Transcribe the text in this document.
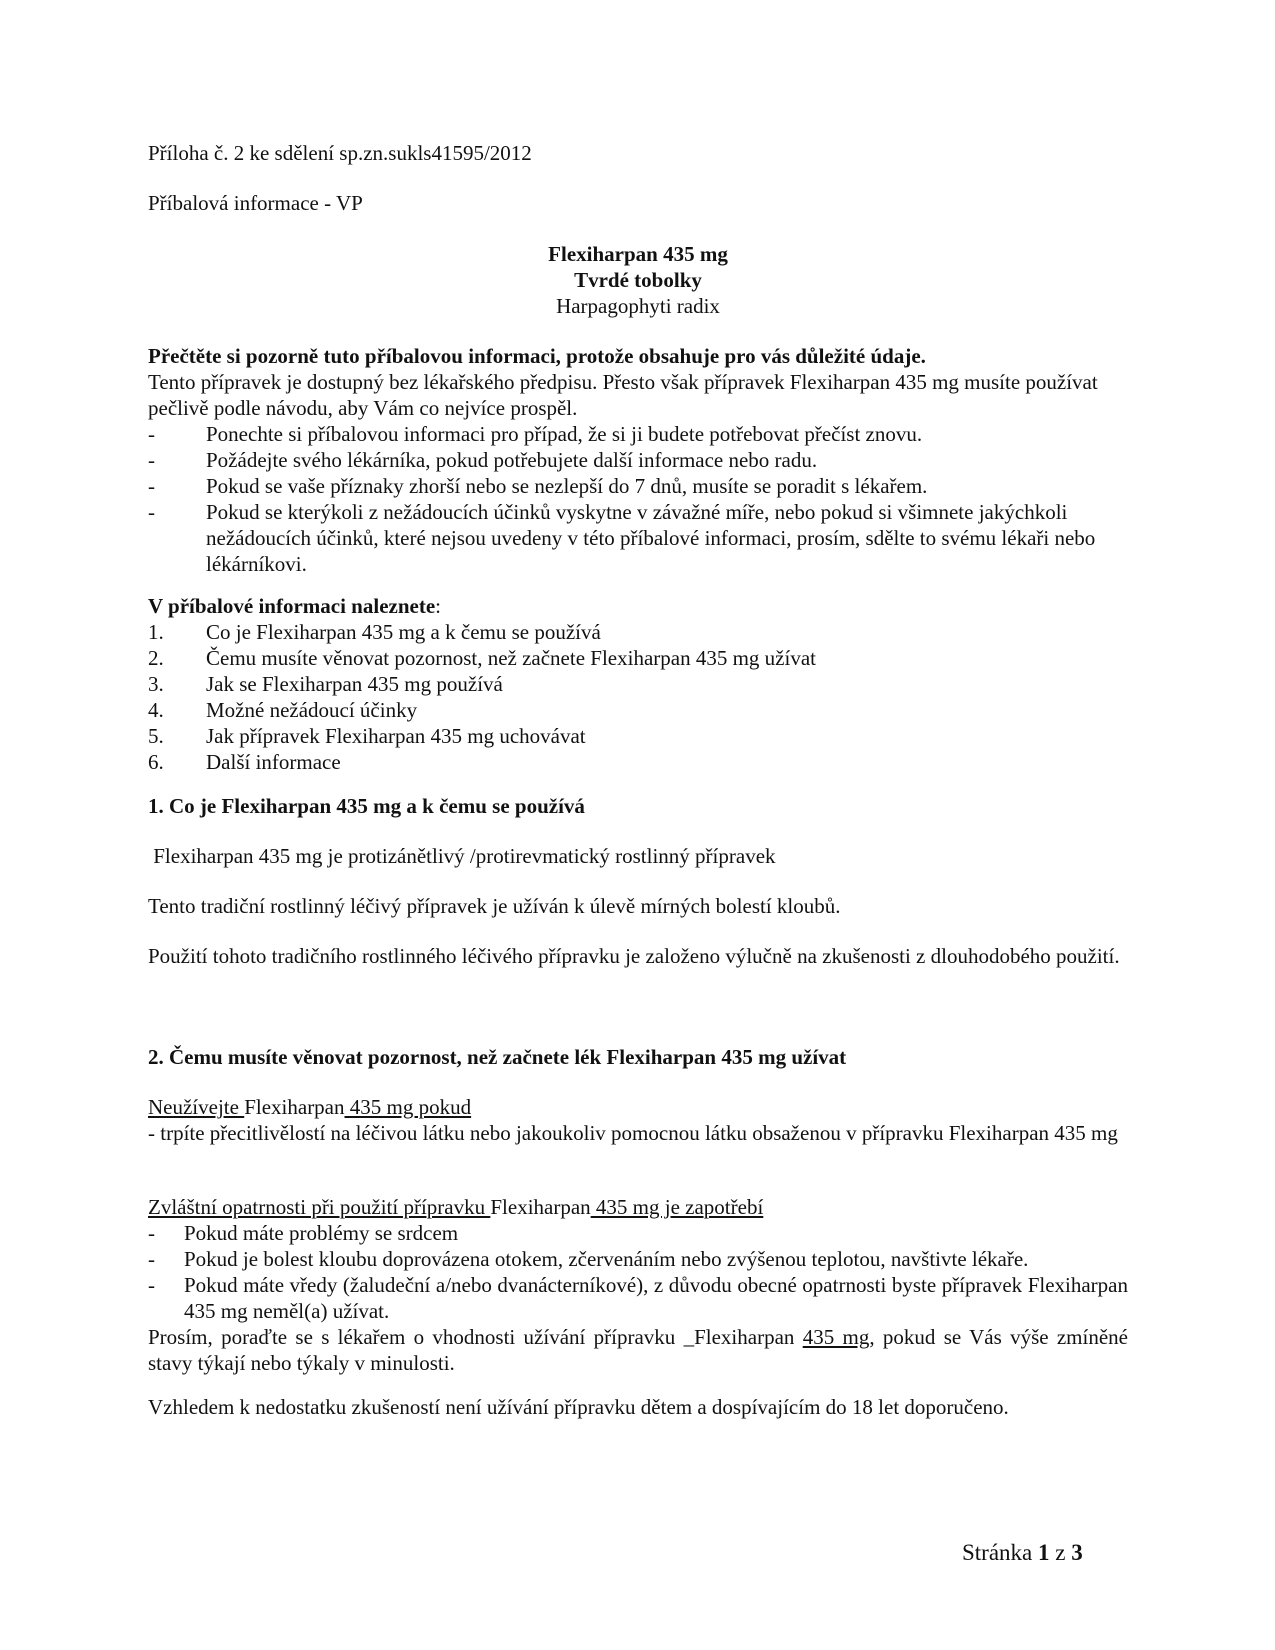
Příloha č. 2 ke sdělení sp.zn.sukls41595/2012
Příbalová informace - VP
Flexiharpan 435 mg
Tvrdé tobolky
Harpagophyti radix
Přečtěte si pozorně tuto příbalovou informaci, protože obsahuje pro vás důležité údaje.
Tento přípravek je dostupný bez lékařského předpisu. Přesto však přípravek Flexiharpan 435 mg musíte používat pečlivě podle návodu, aby Vám co nejvíce prospěl.
- Ponechte si příbalovou informaci pro případ, že si ji budete potřebovat přečíst znovu.
- Požádejte svého lékárníka, pokud potřebujete další informace nebo radu.
- Pokud se vaše příznaky zhorší nebo se nezlepší do 7 dnů, musíte se poradit s lékařem.
- Pokud se kterýkoli z nežádoucích účinků vyskytne v závažné míře, nebo pokud si všimnete jakýchkoli nežádoucích účinků, které nejsou uvedeny v této příbalové informaci, prosím, sdělte to svému lékaři nebo lékárníkovi.
V příbalové informaci naleznete:
1. Co je Flexiharpan 435 mg a k čemu se používá
2. Čemu musíte věnovat pozornost, než začnete Flexiharpan 435 mg užívat
3. Jak se Flexiharpan 435 mg používá
4. Možné nežádoucí účinky
5. Jak přípravek Flexiharpan 435 mg uchovávat
6. Další informace
1. Co je Flexiharpan 435 mg a k čemu se používá
Flexiharpan 435 mg je protizánětlivý /protirevmatický rostlinný přípravek
Tento tradiční rostlinný léčivý přípravek je užíván k úlevě mírných bolestí kloubů.
Použití tohoto tradičního rostlinného léčivého přípravku je založeno výlučně na zkušenosti z dlouhodobého použití.
2. Čemu musíte věnovat pozornost, než začnete lék Flexiharpan 435 mg užívat
Neužívejte Flexiharpan 435 mg pokud
- trpíte přecitlivělostí na léčivou látku nebo jakoukoliv pomocnou látku obsaženou v přípravku Flexiharpan 435 mg
Zvláštní opatrnosti při použití přípravku Flexiharpan 435 mg je zapotřebí
- Pokud máte problémy se srdcem
- Pokud je bolest kloubu doprovázena otokem, zčervenáním nebo zvýšenou teplotou, navštivte lékaře.
- Pokud máte vředy (žaludeční a/nebo dvanácterníkové), z důvodu obecné opatrnosti byste přípravek Flexiharpan 435 mg neměl(a) užívat.
Prosím, poraďte se s lékařem o vhodnosti užívání přípravku _Flexiharpan 435 mg, pokud se Vás výše zmíněné stavy týkají nebo týkaly v minulosti.
Vzhledem k nedostatku zkušeností není užívání přípravku dětem a dospívajícím do 18 let doporučeno.
Stránka 1 z 3
